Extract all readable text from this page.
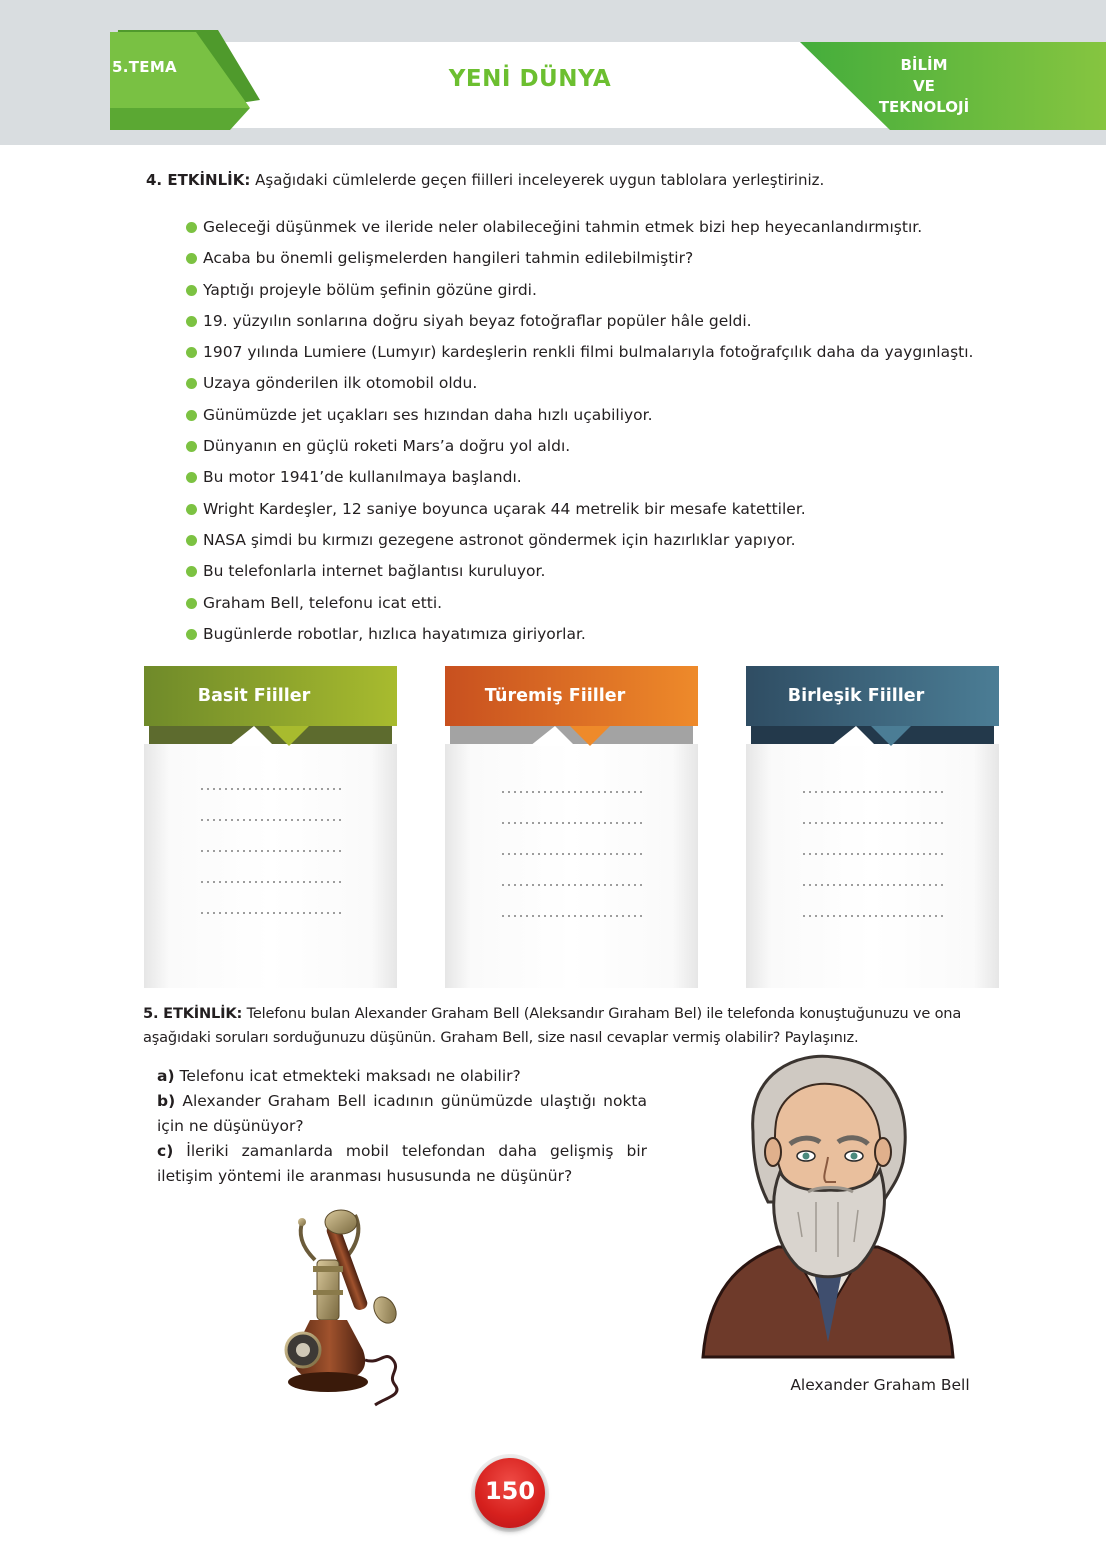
5.TEMA	YENİ DÜNYA
BİLİM
VE
TEKNOLOJİ
4. ETKİNLİK: Aşağıdaki cümlelerde geçen fiilleri inceleyerek uygun tablolara yerleştiriniz.
Geleceği düşünmek ve ileride neler olabileceğini tahmin etmek bizi hep heyecanlandırmıştır.
Acaba bu önemli gelişmelerden hangileri tahmin edilebilmiştir?
Yaptığı projeyle bölüm şefinin gözüne girdi.
19. yüzyılın sonlarına doğru siyah beyaz fotoğraflar popüler hâle geldi.
1907 yılında Lumiere (Lumyır) kardeşlerin renkli filmi bulmalarıyla fotoğrafçılık daha da yaygınlaştı.
Uzaya gönderilen ilk otomobil oldu.
Günümüzde jet uçakları ses hızından daha hızlı uçabiliyor.
Dünyanın en güçlü roketi Mars’a doğru yol aldı.
Bu motor 1941’de kullanılmaya başlandı.
Wright Kardeşler, 12 saniye boyunca uçarak 44 metrelik bir mesafe katettiler.
NASA şimdi bu kırmızı gezegene astronot göndermek için hazırlıklar yapıyor.
Bu telefonlarla internet bağlantısı kuruluyor.
Graham Bell, telefonu icat etti.
Bugünlerde robotlar, hızlıca hayatımıza giriyorlar.
Basit Fiiller	Türemiş Fiiller	Birleşik Fiiller
5. ETKİNLİK: Telefonu bulan Alexander Graham Bell (Aleksandır Gıraham Bel) ile telefonda konuştuğunuzu ve ona aşağıdaki soruları sorduğunuzu düşünün. Graham Bell, size nasıl cevaplar vermiş olabilir? Paylaşınız.
a) Telefonu icat etmekteki maksadı ne olabilir?
b) Alexander Graham Bell icadının günümüzde ulaştığı nokta için ne düşünüyor?
c) İleriki zamanlarda mobil telefondan daha gelişmiş bir iletişim yöntemi ile aranması hususunda ne düşünür?
Alexander Graham Bell
150
